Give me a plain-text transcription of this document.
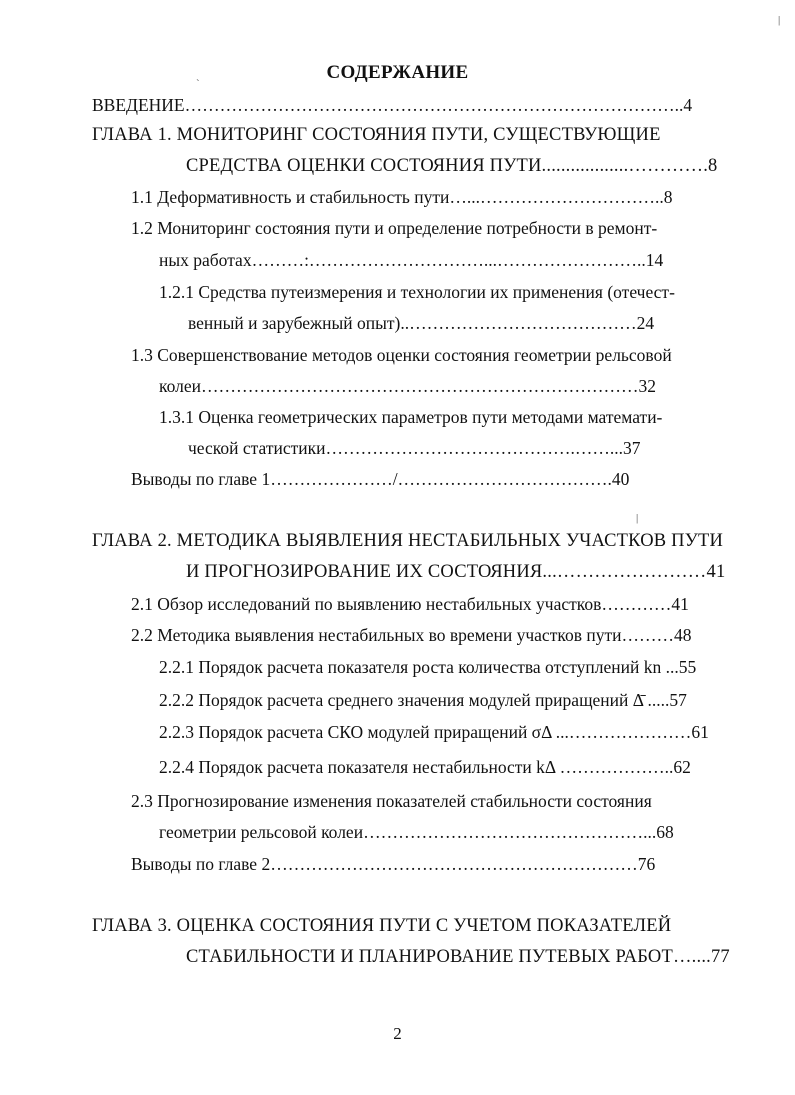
СОДЕРЖАНИЕ
ВВЕДЕНИЕ…………………………………………………………………………..4
ГЛАВА 1. МОНИТОРИНГ СОСТОЯНИЯ ПУТИ, СУЩЕСТВУЮЩИЕ
СРЕДСТВА ОЦЕНКИ СОСТОЯНИЯ ПУТИ..................………….8
1.1 Деформативность и стабильность пути…...…………………………..8
1.2 Мониторинг состояния пути и определение потребности в ремонт-
ных работах………:…………………………...……………………..14
1.2.1 Средства путеизмерения и технологии их применения (отечест-
венный и зарубежный опыт)..…………………………………24
1.3 Совершенствование методов оценки состояния геометрии рельсовой
колеи…………………………………………………………………32
1.3.1 Оценка геометрических параметров пути методами математи-
ческой статистики…………………………………….……...37
Выводы по главе 1…………………/……………………………….40
ГЛАВА 2. МЕТОДИКА ВЫЯВЛЕНИЯ НЕСТАБИЛЬНЫХ УЧАСТКОВ ПУТИ
И ПРОГНОЗИРОВАНИЕ ИХ СОСТОЯНИЯ...……………………41
2.1 Обзор исследований по выявлению нестабильных участков…………41
2.2 Методика выявления нестабильных во времени участков пути………48
2.2.1 Порядок расчета показателя роста количества отступлений kn ...55
2.2.2 Порядок расчета среднего значения модулей приращений Δ̄ .....57
2.2.3 Порядок расчета СКО модулей приращений σΔ ...…………………61
2.2.4 Порядок расчета показателя нестабильности kΔ ………………..62
2.3 Прогнозирование изменения показателей стабильности состояния
геометрии рельсовой колеи…………………………………………...68
Выводы по главе 2………………………………………………………76
ГЛАВА 3. ОЦЕНКА СОСТОЯНИЯ ПУТИ С УЧЕТОМ ПОКАЗАТЕЛЕЙ
СТАБИЛЬНОСТИ И ПЛАНИРОВАНИЕ ПУТЕВЫХ РАБОТ…....77
2
|
ˋ
|
